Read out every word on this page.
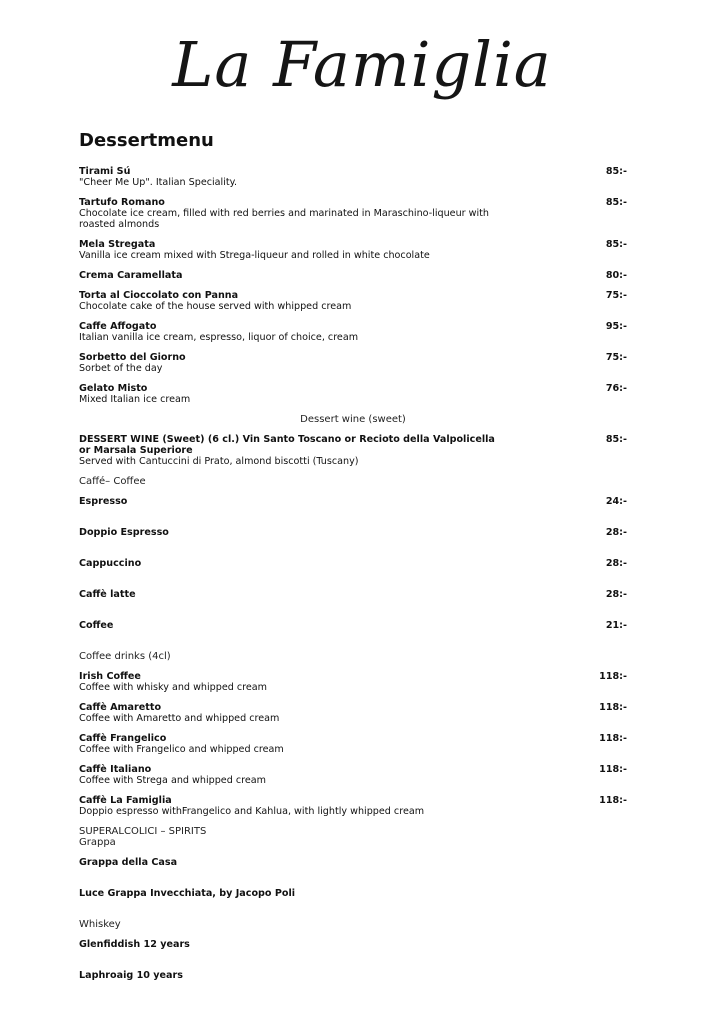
La Famiglia
Dessertmenu
Tirami Sú
"Cheer Me Up". Italian Speciality.
85:-
Tartufo Romano
Chocolate ice cream, filled with red berries and marinated in Maraschino-liqueur with roasted almonds
85:-
Mela Stregata
Vanilla ice cream mixed with Strega-liqueur and rolled in white chocolate
85:-
Crema Caramellata	80:-
Torta al Cioccolato con Panna
Chocolate cake of the house served with whipped cream
75:-
Caffe Affogato
Italian vanilla ice cream, espresso, liquor of choice, cream
95:-
Sorbetto del Giorno
Sorbet of the day
75:-
Gelato Misto
Mixed Italian ice cream
76:-
Dessert wine (sweet)
DESSERT WINE (Sweet) (6 cl.) Vin Santo Toscano or Recioto della Valpolicella or Marsala Superiore
Served with Cantuccini di Prato, almond biscotti (Tuscany)
85:-
Caffé– Coffee
Espresso	24:-
Doppio Espresso	28:-
Cappuccino	28:-
Caffè latte	28:-
Coffee	21:-
Coffee drinks (4cl)
Irish Coffee
Coffee with whisky and whipped cream
118:-
Caffè Amaretto
Coffee with Amaretto and whipped cream
118:-
Caffè Frangelico
Coffee with Frangelico and whipped cream
118:-
Caffè Italiano
Coffee with Strega and whipped cream
118:-
Caffè La Famiglia
Doppio espresso withFrangelico and Kahlua, with lightly whipped cream
118:-
SUPERALCOLICI – SPIRITS
Grappa
Grappa della Casa
Luce Grappa Invecchiata, by Jacopo Poli
Whiskey
Glenfiddish 12 years
Laphroaig 10 years
